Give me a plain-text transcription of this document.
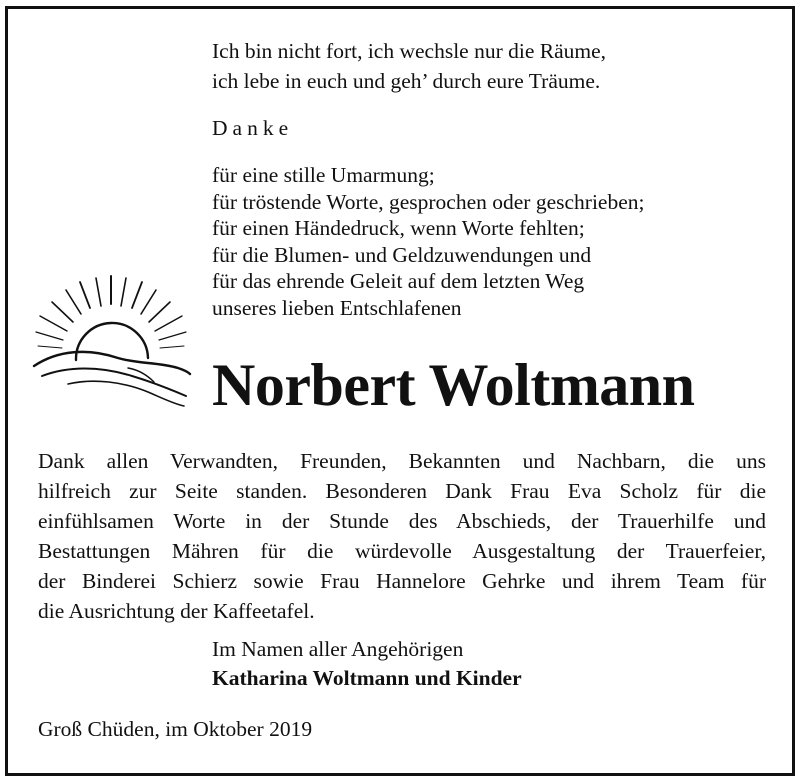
Ich bin nicht fort, ich wechsle nur die Räume,
ich lebe in euch und geh’ durch eure Träume.
Danke
für eine stille Umarmung;
für tröstende Worte, gesprochen oder geschrieben;
für einen Händedruck, wenn Worte fehlten;
für die Blumen- und Geldzuwendungen und
für das ehrende Geleit auf dem letzten Weg
unseres lieben Entschlafenen
Norbert Woltmann
Dank allen Verwandten, Freunden, Bekannten und Nachbarn, die uns
hilfreich zur Seite standen. Besonderen Dank Frau Eva Scholz für die
einfühlsamen Worte in der Stunde des Abschieds, der Trauerhilfe und
Bestattungen Mähren für die würdevolle Ausgestaltung der Trauerfeier,
der Binderei Schierz sowie Frau Hannelore Gehrke und ihrem Team für
die Ausrichtung der Kaffeetafel.
Im Namen aller Angehörigen
Katharina Woltmann und Kinder
Groß Chüden, im Oktober 2019
